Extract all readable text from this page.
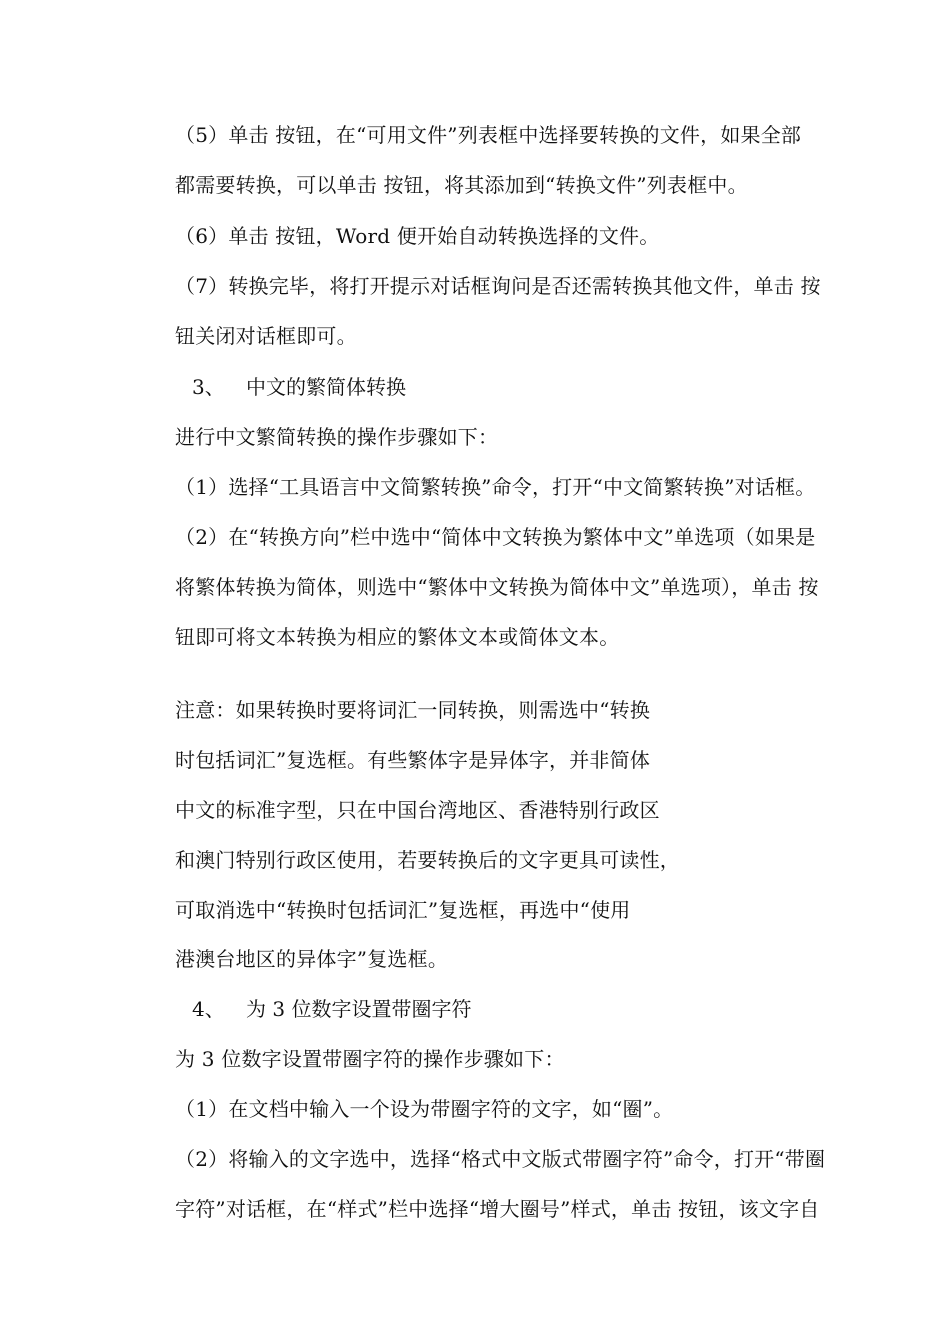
（5）单击 按钮，在“可用文件”列表框中选择要转换的文件，如果全部
都需要转换，可以单击 按钮，将其添加到“转换文件”列表框中。
（6）单击 按钮，Word 便开始自动转换选择的文件。
（7）转换完毕，将打开提示对话框询问是否还需转换其他文件，单击 按
钮关闭对话框即可。
3、 中文的繁简体转换
进行中文繁简转换的操作步骤如下：
（1）选择“工具语言中文简繁转换”命令，打开“中文简繁转换”对话框。
（2）在“转换方向”栏中选中“简体中文转换为繁体中文”单选项（如果是
将繁体转换为简体，则选中“繁体中文转换为简体中文”单选项），单击 按
钮即可将文本转换为相应的繁体文本或简体文本。
注意：如果转换时要将词汇一同转换，则需选中“转换
时包括词汇”复选框。有些繁体字是异体字，并非简体
中文的标准字型，只在中国台湾地区、香港特别行政区
和澳门特别行政区使用，若要转换后的文字更具可读性，
可取消选中“转换时包括词汇”复选框，再选中“使用
港澳台地区的异体字”复选框。
4、 为 3 位数字设置带圈字符
为 3 位数字设置带圈字符的操作步骤如下：
（1）在文档中输入一个设为带圈字符的文字，如“圈”。
（2）将输入的文字选中，选择“格式中文版式带圈字符”命令，打开“带圈
字符”对话框，在“样式”栏中选择“增大圈号”样式，单击 按钮，该文字自
